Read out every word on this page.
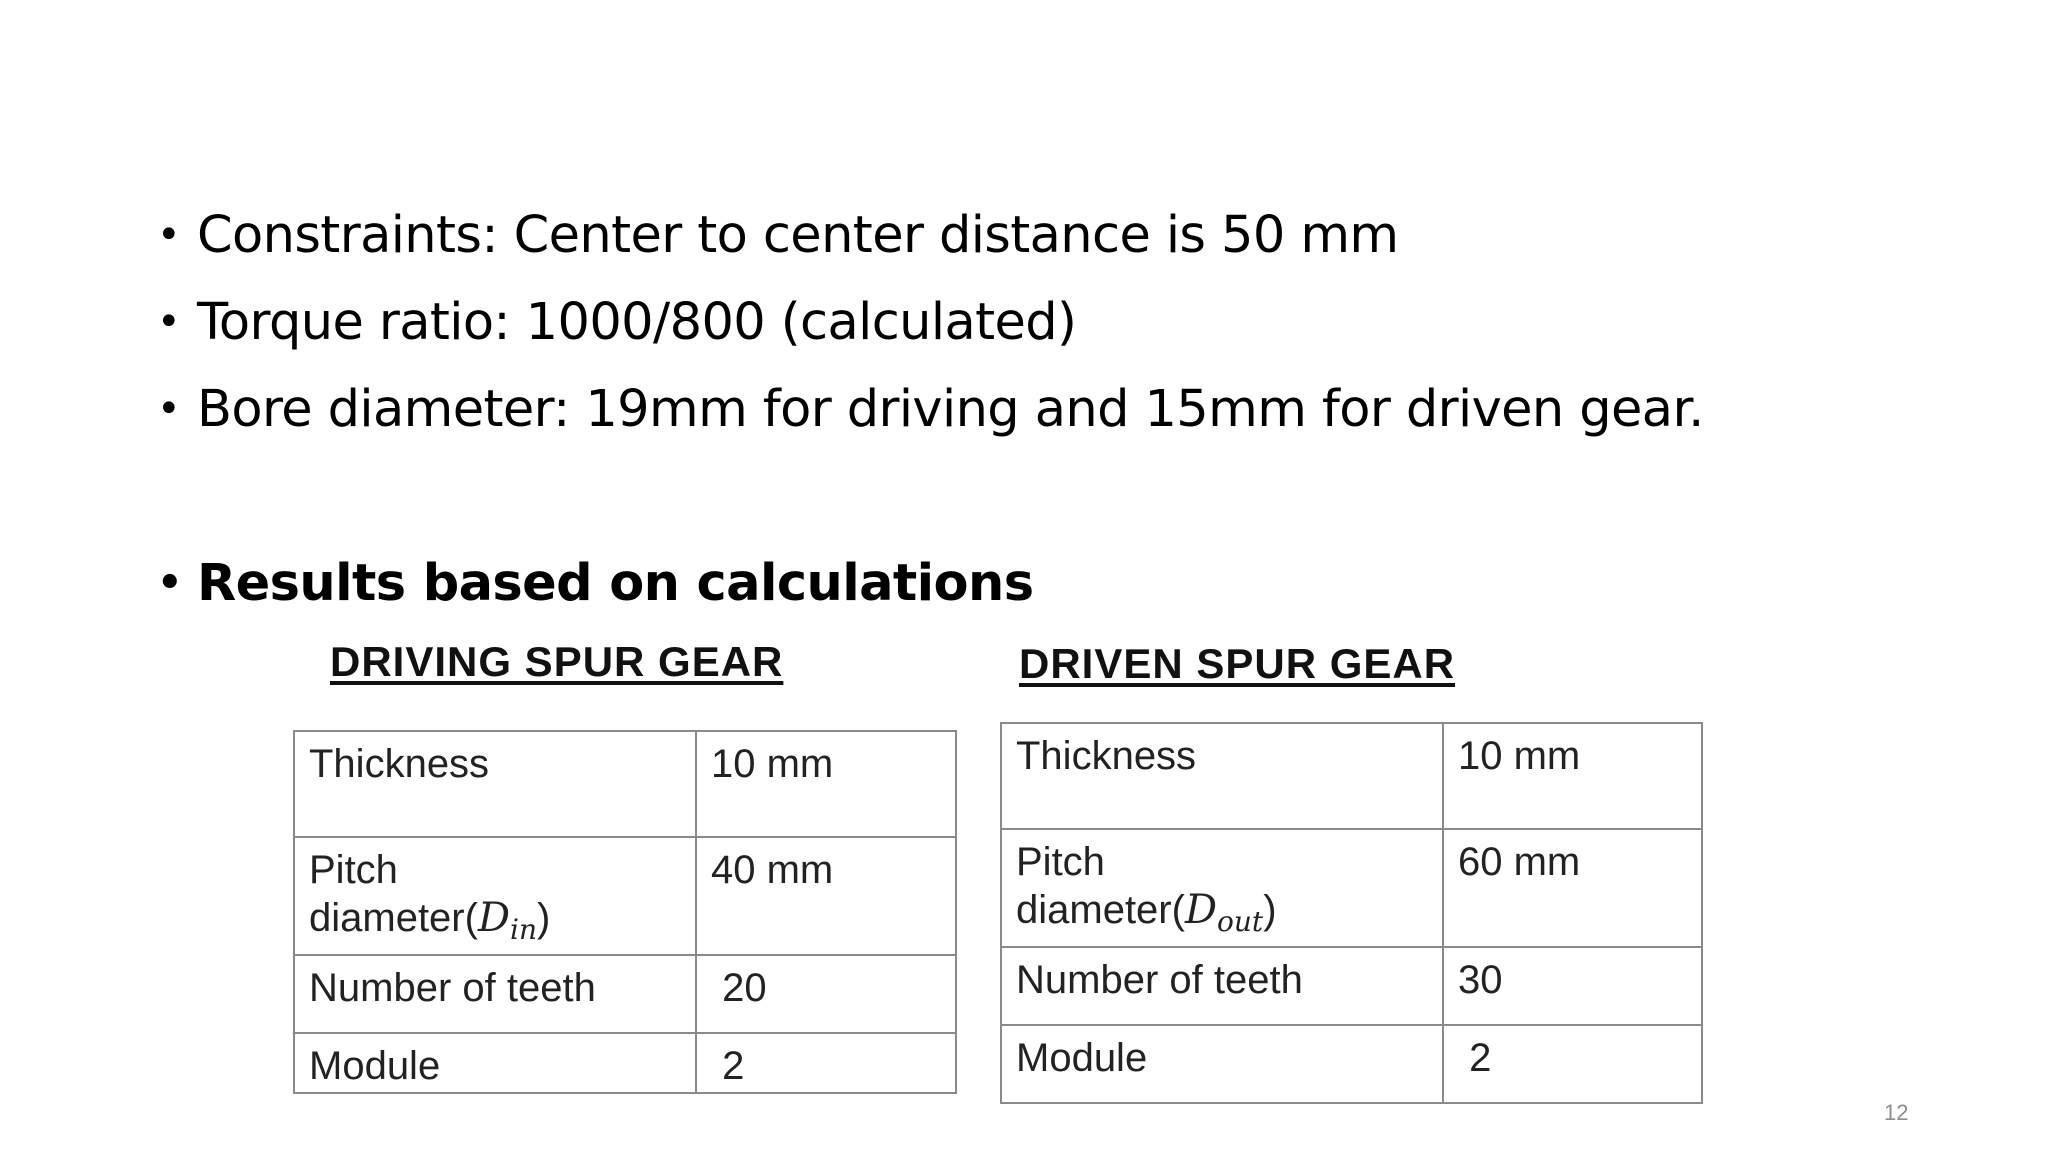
• Constraints: Center to center distance is 50 mm
• Torque ratio: 1000/800 (calculated)
• Bore diameter: 19mm for driving and 15mm for driven gear.
• Results based on calculations
DRIVING SPUR GEAR	DRIVEN SPUR GEAR
Thickness	10 mm
Pitch
$diameter(D_{in})$	40 mm
Number of teeth	20
Module	2
Thickness	10 mm
Pitch
$diameter(D_{out})$	60 mm
Number of teeth	30
Module	2
12
